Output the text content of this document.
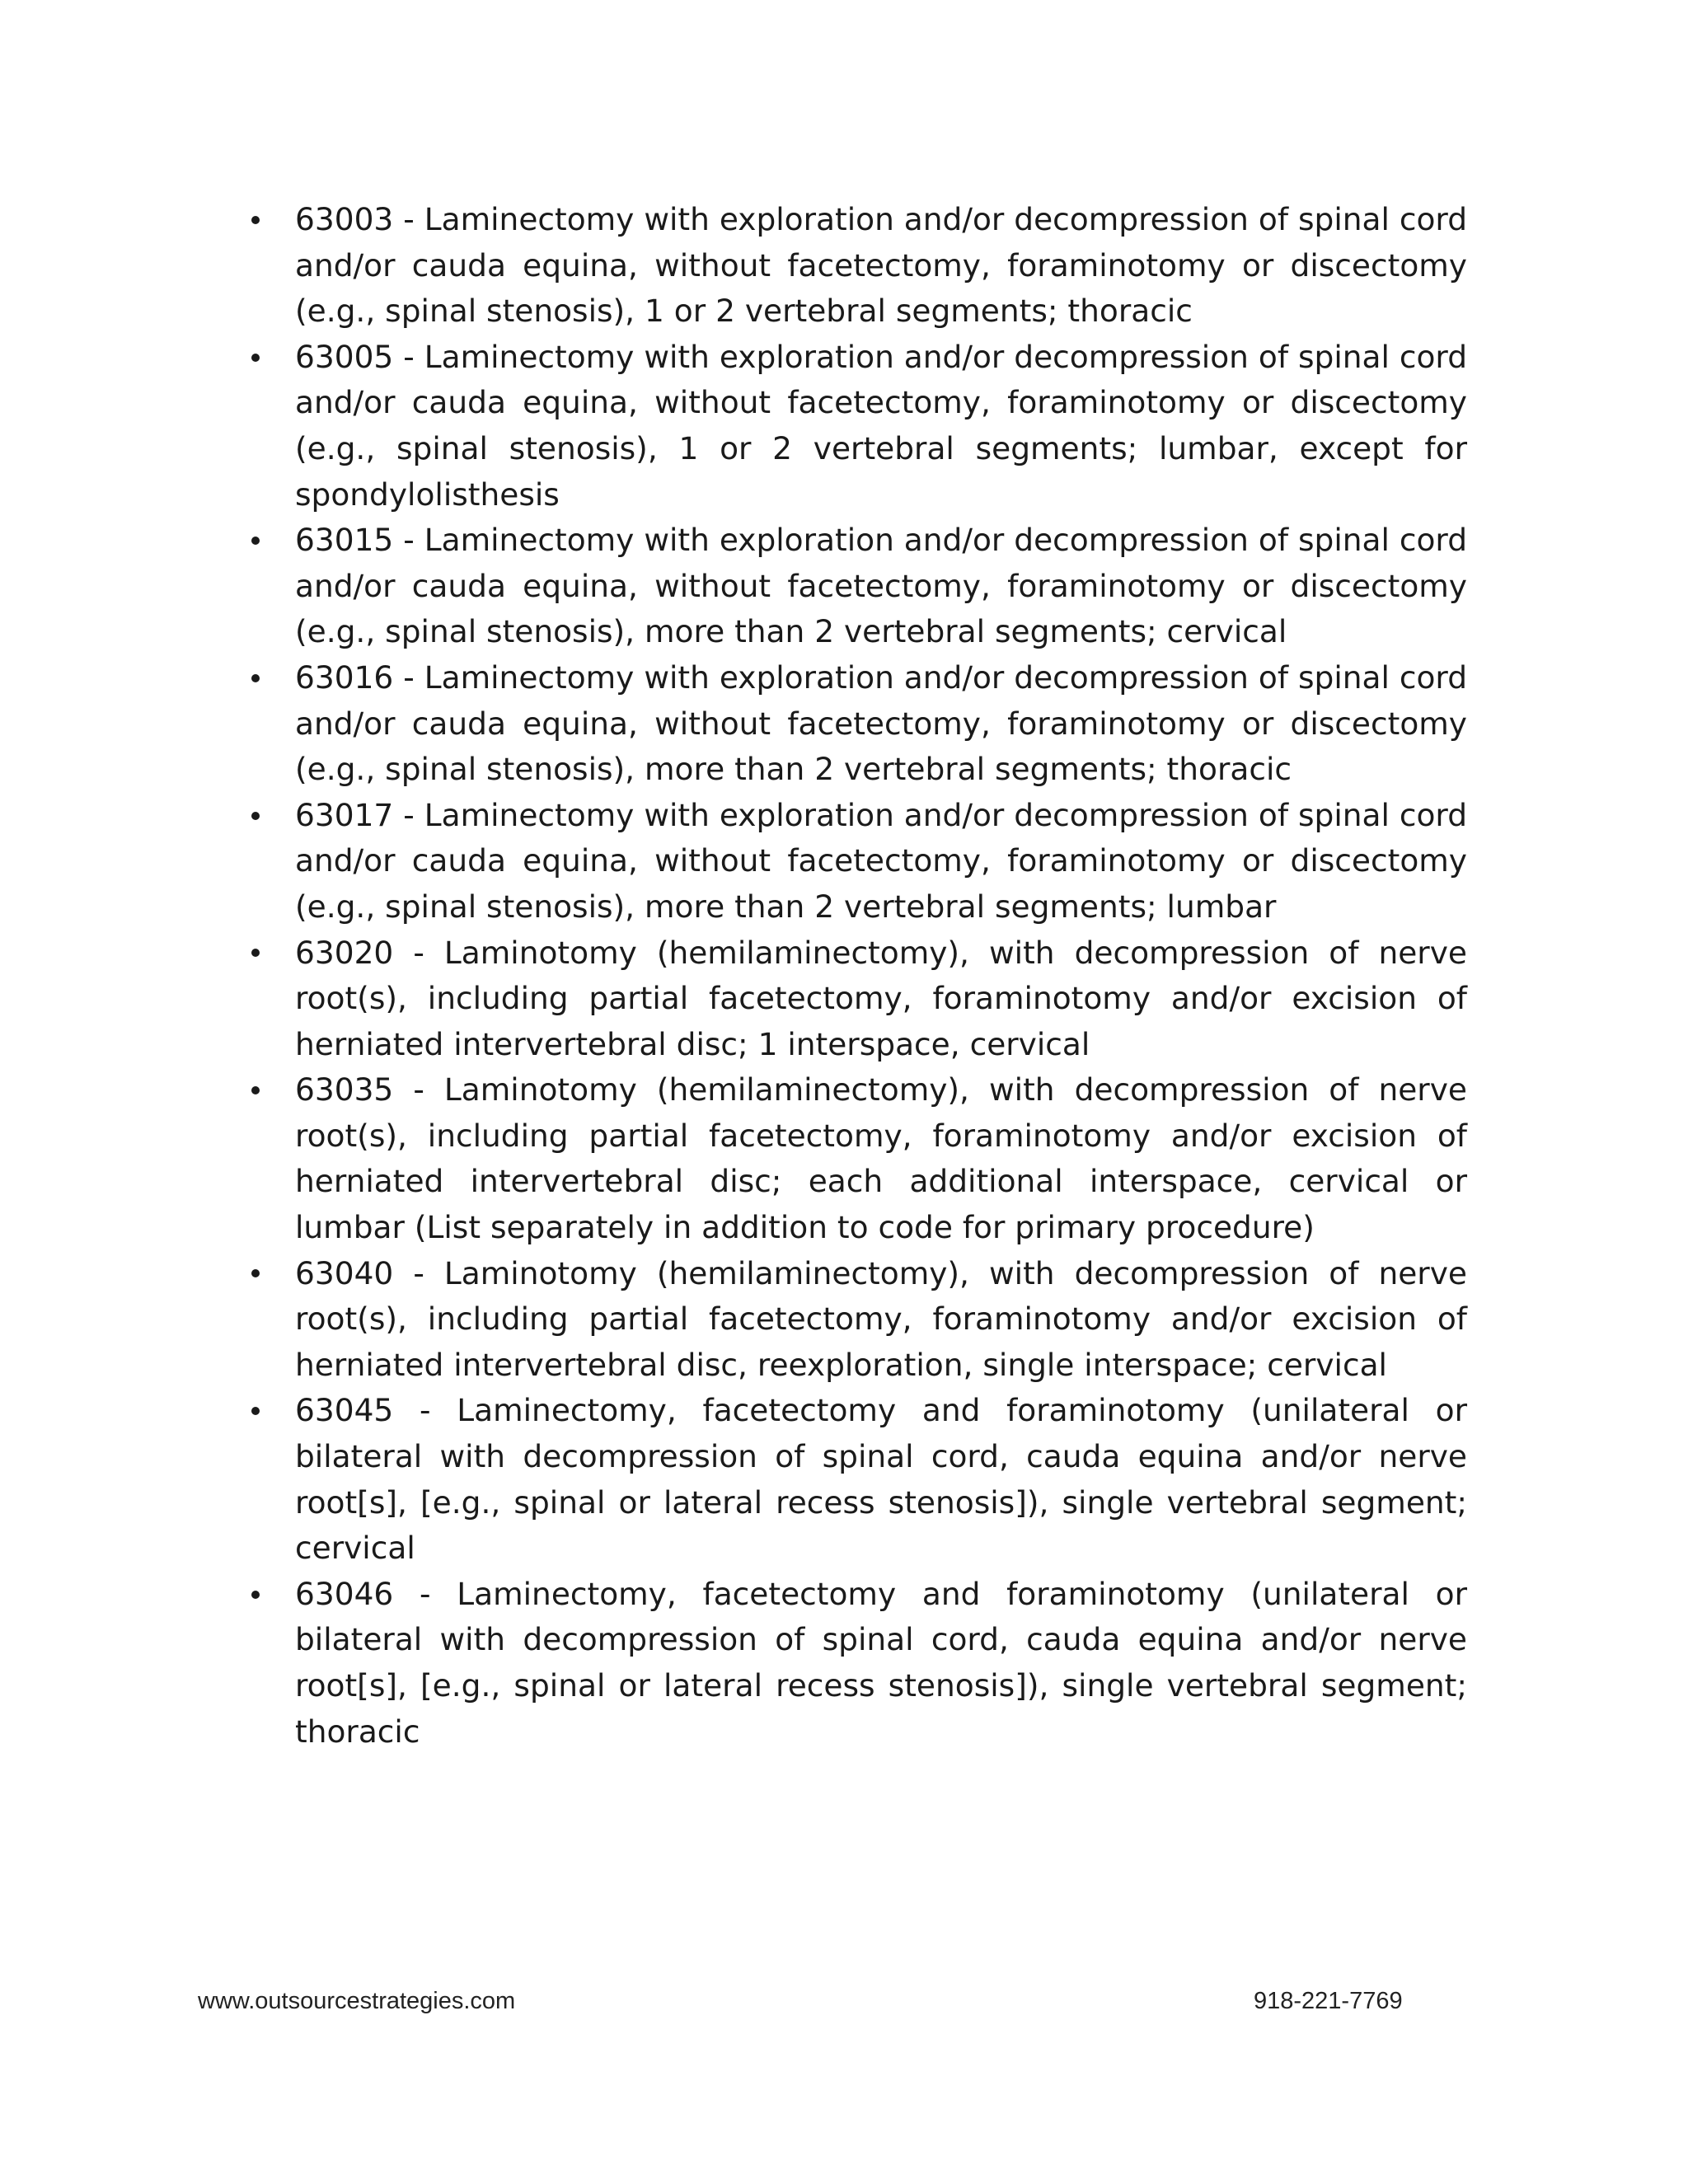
63003 - Laminectomy with exploration and/or decompression of spinal cord and/or cauda equina, without facetectomy, foraminotomy or discectomy (e.g., spinal stenosis), 1 or 2 vertebral segments; thoracic
63005 - Laminectomy with exploration and/or decompression of spinal cord and/or cauda equina, without facetectomy, foraminotomy or discectomy (e.g., spinal stenosis), 1 or 2 vertebral segments; lumbar, except for spondylolisthesis
63015 - Laminectomy with exploration and/or decompression of spinal cord and/or cauda equina, without facetectomy, foraminotomy or discectomy (e.g., spinal stenosis), more than 2 vertebral segments; cervical
63016 - Laminectomy with exploration and/or decompression of spinal cord and/or cauda equina, without facetectomy, foraminotomy or discectomy (e.g., spinal stenosis), more than 2 vertebral segments; thoracic
63017 - Laminectomy with exploration and/or decompression of spinal cord and/or cauda equina, without facetectomy, foraminotomy or discectomy (e.g., spinal stenosis), more than 2 vertebral segments; lumbar
63020 - Laminotomy (hemilaminectomy), with decompression of nerve root(s), including partial facetectomy, foraminotomy and/or excision of herniated intervertebral disc; 1 interspace, cervical
63035 - Laminotomy (hemilaminectomy), with decompression of nerve root(s), including partial facetectomy, foraminotomy and/or excision of herniated intervertebral disc; each additional interspace, cervical or lumbar (List separately in addition to code for primary procedure)
63040 - Laminotomy (hemilaminectomy), with decompression of nerve root(s), including partial facetectomy, foraminotomy and/or excision of herniated intervertebral disc, reexploration, single interspace; cervical
63045 - Laminectomy, facetectomy and foraminotomy (unilateral or bilateral with decompression of spinal cord, cauda equina and/or nerve root[s], [e.g., spinal or lateral recess stenosis]), single vertebral segment; cervical
63046 - Laminectomy, facetectomy and foraminotomy (unilateral or bilateral with decompression of spinal cord, cauda equina and/or nerve root[s], [e.g., spinal or lateral recess stenosis]), single vertebral segment; thoracic
www.outsourcestrategies.com	918-221-7769
